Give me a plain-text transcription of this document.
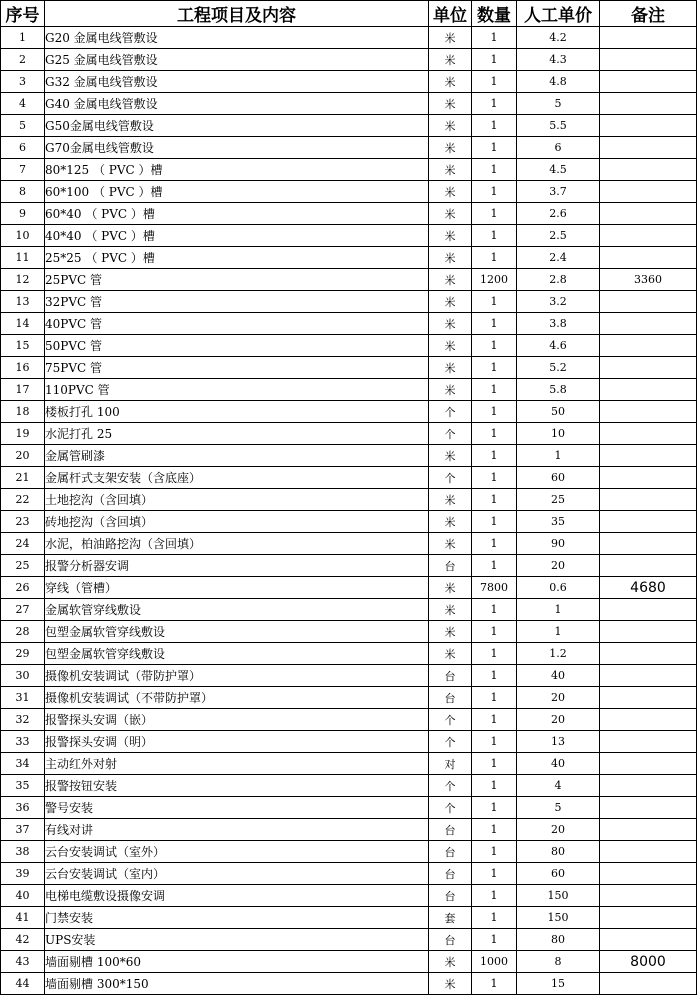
序号	工程项目及内容	单位	数量	人工单价	备注
1	G20 金属电线管敷设	米	1	4.2	
2	G25 金属电线管敷设	米	1	4.3	
3	G32 金属电线管敷设	米	1	4.8	
4	G40 金属电线管敷设	米	1	5	
5	G50金属电线管敷设	米	1	5.5	
6	G70金属电线管敷设	米	1	6	
7	80*125 （ PVC ）槽	米	1	4.5	
8	60*100 （ PVC ）槽	米	1	3.7	
9	60*40 （ PVC ）槽	米	1	2.6	
10	40*40 （ PVC ）槽	米	1	2.5	
11	25*25 （ PVC ）槽	米	1	2.4	
12	25PVC 管	米	1200	2.8	3360
13	32PVC 管	米	1	3.2	
14	40PVC 管	米	1	3.8	
15	50PVC 管	米	1	4.6	
16	75PVC 管	米	1	5.2	
17	110PVC 管	米	1	5.8	
18	楼板打孔 100	个	1	50	
19	水泥打孔 25	个	1	10	
20	金属管刷漆	米	1	1	
21	金属杆式支架安装（含底座）	个	1	60	
22	土地挖沟（含回填）	米	1	25	
23	砖地挖沟（含回填）	米	1	35	
24	水泥，柏油路挖沟（含回填）	米	1	90	
25	报警分析器安调	台	1	20	
26	穿线（管槽）	米	7800	0.6	4680
27	金属软管穿线敷设	米	1	1	
28	包塑金属软管穿线敷设	米	1	1	
29	包塑金属软管穿线敷设	米	1	1.2	
30	摄像机安装调试（带防护罩）	台	1	40	
31	摄像机安装调试（不带防护罩）	台	1	20	
32	报警探头安调（嵌）	个	1	20	
33	报警探头安调（明）	个	1	13	
34	主动红外对射	对	1	40	
35	报警按钮安装	个	1	4	
36	警号安装	个	1	5	
37	有线对讲	台	1	20	
38	云台安装调试（室外）	台	1	80	
39	云台安装调试（室内）	台	1	60	
40	电梯电缆敷设摄像安调	台	1	150	
41	门禁安装	套	1	150	
42	UPS安装	台	1	80	
43	墙面剔槽 100*60	米	1000	8	8000
44	墙面剔槽 300*150	米	1	15	
